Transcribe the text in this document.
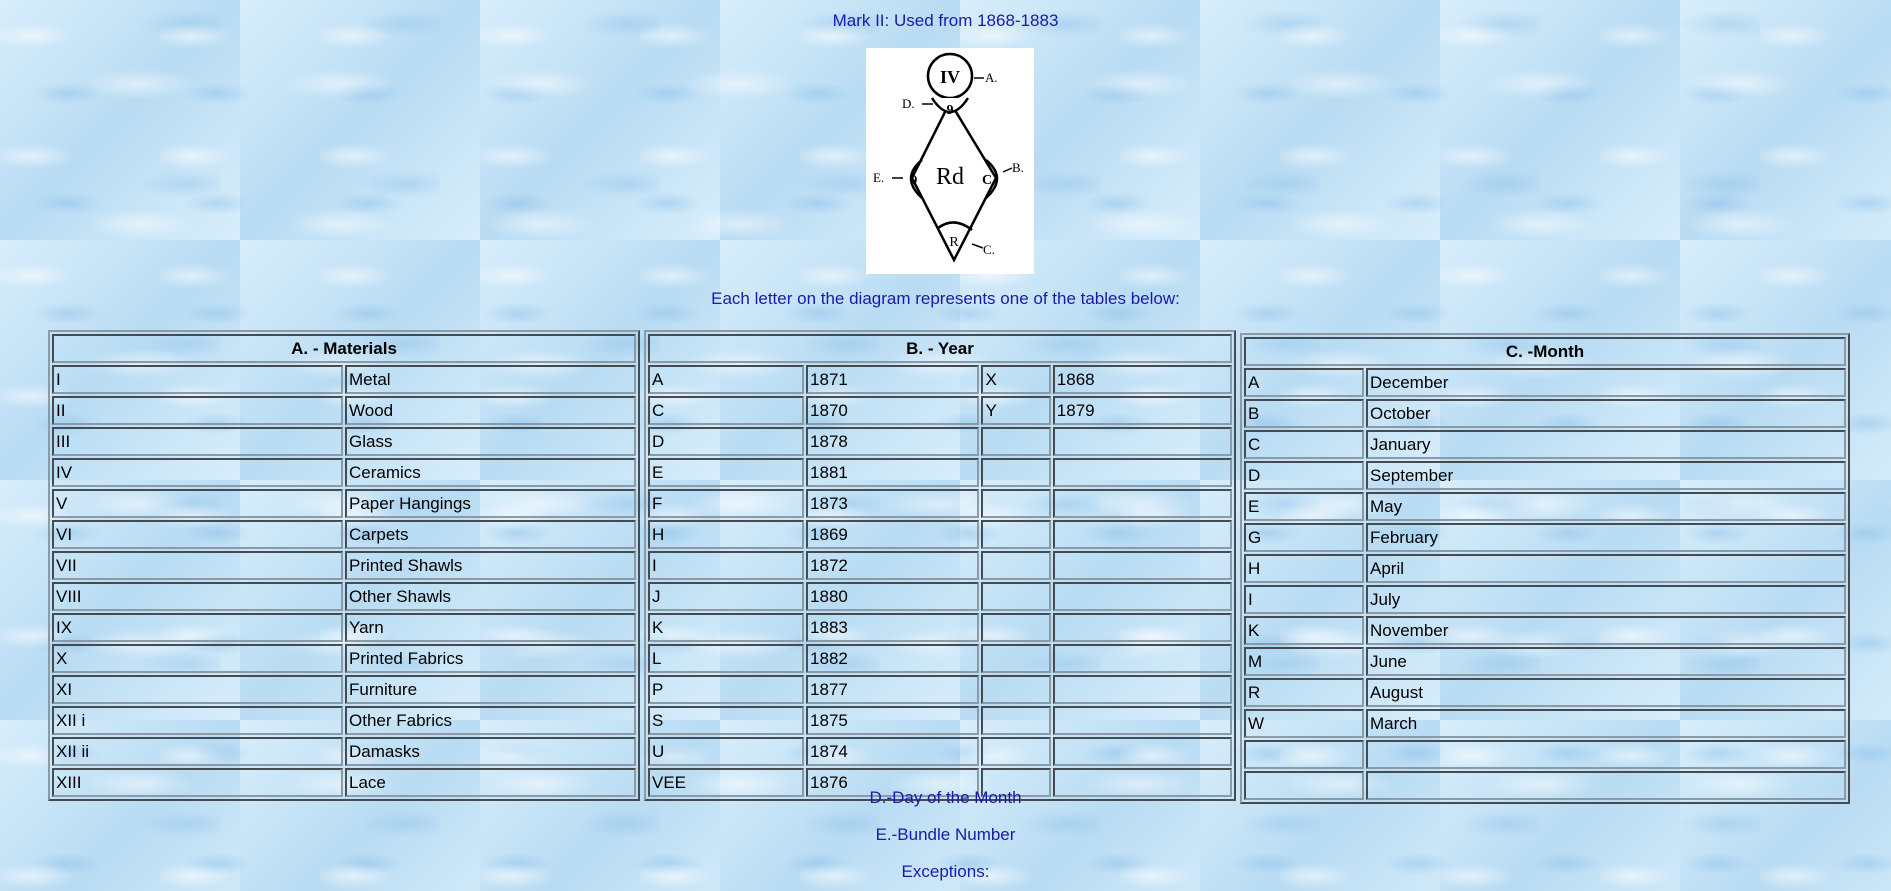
Mark II: Used from 1868-1883
IV
9
Rd
9	C
R
A.
D.
E.
B.
C.
Each letter on the diagram represents one of the tables below:
A. - Materials	
I	Metal
II	Wood
III	Glass
IV	Ceramics
V	Paper Hangings
VI	Carpets
VII	Printed Shawls
VIII	Other Shawls
IX	Yarn
X	Printed Fabrics
XI	Furniture
XII i	Other Fabrics
XII ii	Damasks
XIII	Lace
B. - Year			
A	1871	X	1868
C	1870	Y	1879
D	1878		
E	1881		
F	1873		
H	1869		
I	1872		
J	1880		
K	1883		
L	1882		
P	1877		
S	1875		
U	1874		
VEE	1876		
C. -Month	
A	December
B	October
C	January
D	September
E	May
G	February
H	April
I	July
K	November
M	June
R	August
W	March

D.-Day of the Month
E.-Bundle Number
Exceptions:
